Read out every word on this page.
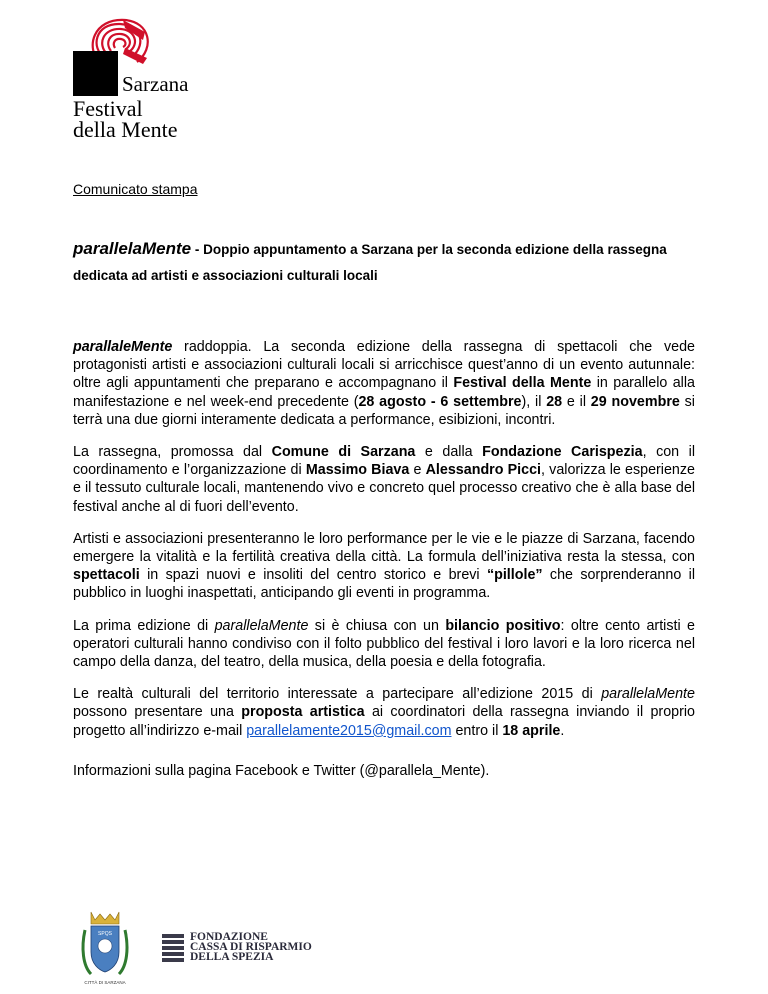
Sarzana
Festival
della Mente
Comunicato stampa
parallelaMente - Doppio appuntamento a Sarzana per la seconda edizione della rassegna dedicata ad artisti e associazioni culturali locali

parallaleMente raddoppia. La seconda edizione della rassegna di spettacoli che vede protagonisti artisti e associazioni culturali locali si arricchisce quest’anno di un evento autunnale: oltre agli appuntamenti che preparano e accompagnano il Festival della Mente in parallelo alla manifestazione e nel week-end precedente (28 agosto - 6 settembre), il 28 e il 29 novembre si terrà una due giorni interamente dedicata a performance, esibizioni, incontri.

La rassegna, promossa dal Comune di Sarzana e dalla Fondazione Carispezia, con il coordinamento e l’organizzazione di Massimo Biava e Alessandro Picci, valorizza le esperienze e il tessuto culturale locali, mantenendo vivo e concreto quel processo creativo che è alla base del festival anche al di fuori dell’evento.

Artisti e associazioni presenteranno le loro performance per le vie e le piazze di Sarzana, facendo emergere la vitalità e la fertilità creativa della città. La formula dell’iniziativa resta la stessa, con spettacoli in spazi nuovi e insoliti del centro storico e brevi “pillole” che sorprenderanno il pubblico in luoghi inaspettati, anticipando gli eventi in programma.

La prima edizione di parallelaMente si è chiusa con un bilancio positivo: oltre cento artisti e operatori culturali hanno condiviso con il folto pubblico del festival i loro lavori e la loro ricerca nel campo della danza, del teatro, della musica, della poesia e della fotografia.

Le realtà culturali del territorio interessate a partecipare all’edizione 2015 di parallelaMente possono presentare una proposta artistica ai coordinatori della rassegna inviando il proprio progetto all’indirizzo e-mail parallelamente2015@gmail.com entro il 18 aprile.

Informazioni sulla pagina Facebook e Twitter (@parallela_Mente).

SPQS
CITTÀ DI SARZANA
FONDAZIONE
CASSA DI RISPARMIO
DELLA SPEZIA
